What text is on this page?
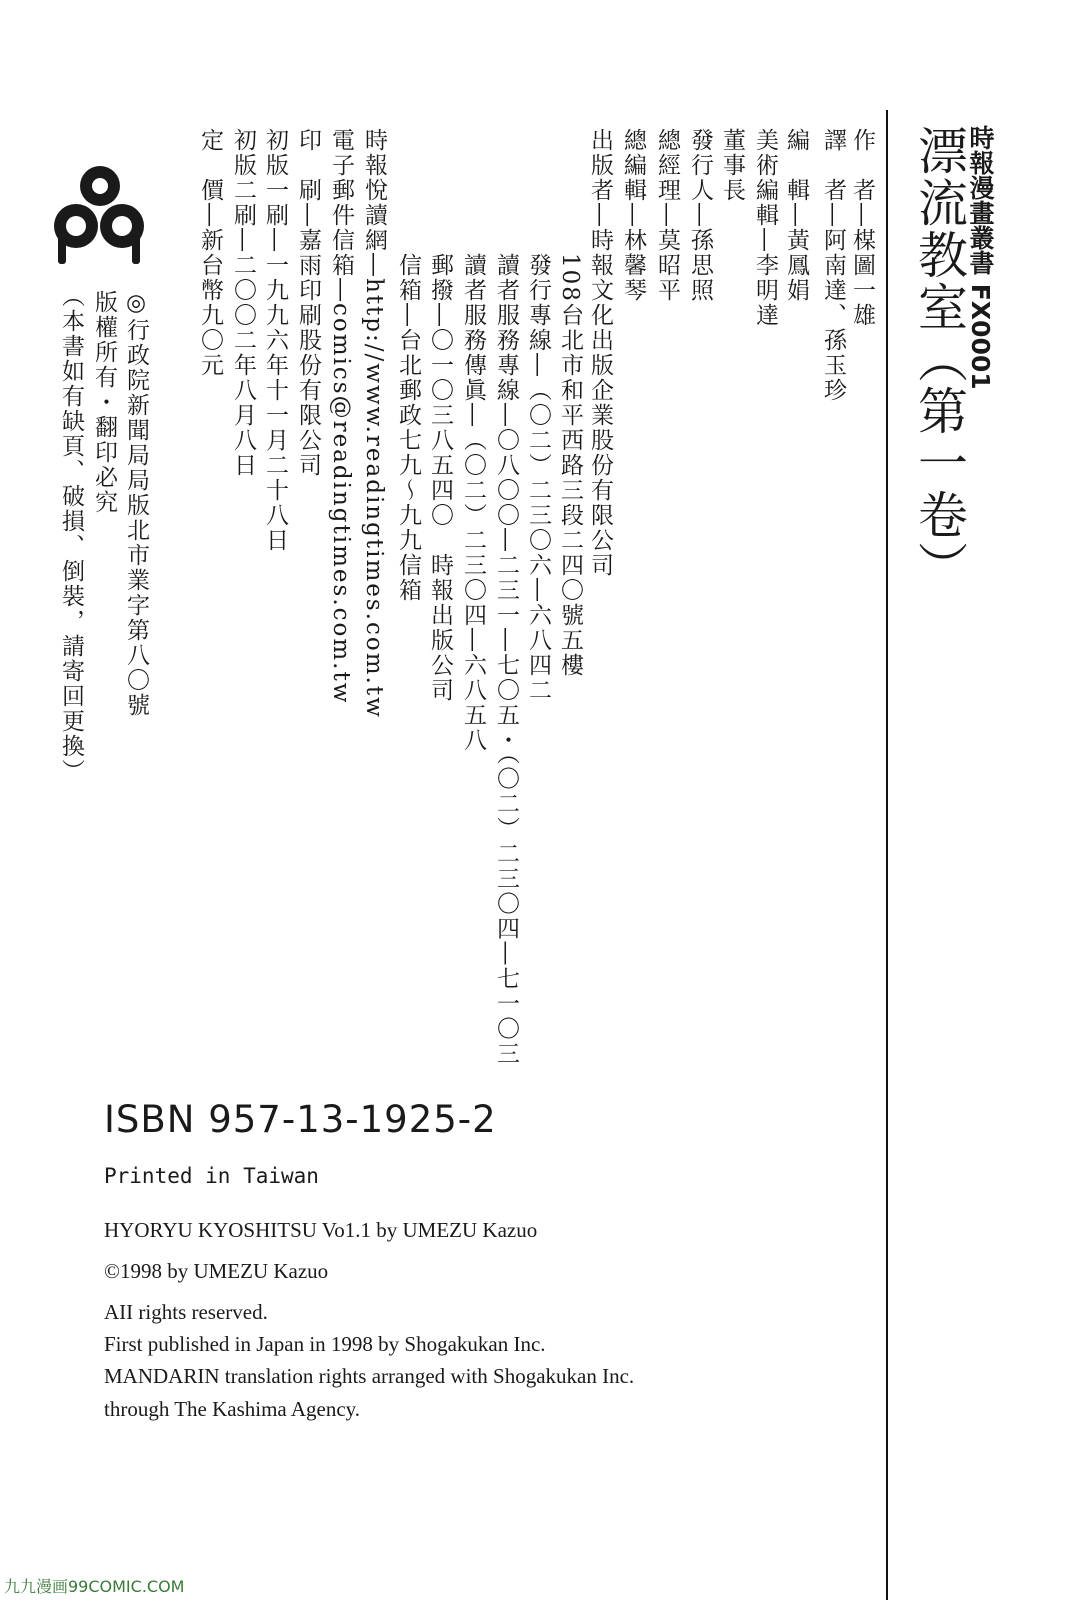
時報漫畫叢書 FX0001
漂流教室（第一卷）
作　者―楳圖一雄
譯　者―阿南達、孫玉珍
編　輯―黃鳳娟
美術編輯―李明達
董事長
發行人―孫思照
總經理―莫昭平
總編輯―林馨琴
出版者―時報文化出版企業股份有限公司
108台北市和平西路三段二四〇號五樓
發行專線―（〇二）二三〇六―六八四二
讀者服務專線―〇八〇〇―二三一―七〇五・（〇二）二三〇四―七一〇三
讀者服務傳眞―（〇二）二三〇四―六八五八
郵撥―〇一〇三八五四〇　時報出版公司
信箱―台北郵政七九～九九信箱
時報悅讀網―http://www.readingtimes.com.tw
電子郵件信箱―comics@readingtimes.com.tw
印　刷―嘉雨印刷股份有限公司
初版一刷―一九九六年十一月二十八日
初版二刷―二〇〇二年八月八日
定　價―新台幣九〇元
◎行政院新聞局局版北市業字第八〇號
版權所有・翻印必究
（本書如有缺頁、破損、倒裝，請寄回更換）
ISBN 957-13-1925-2
Printed in Taiwan
HYORYU KYOSHITSU Vo1.1 by UMEZU Kazuo
©1998 by UMEZU Kazuo
AII rights reserved.
First published in Japan in 1998 by Shogakukan Inc.
MANDARIN translation rights arranged with Shogakukan Inc.
through The Kashima Agency.
九九漫画99COMIC.COM
